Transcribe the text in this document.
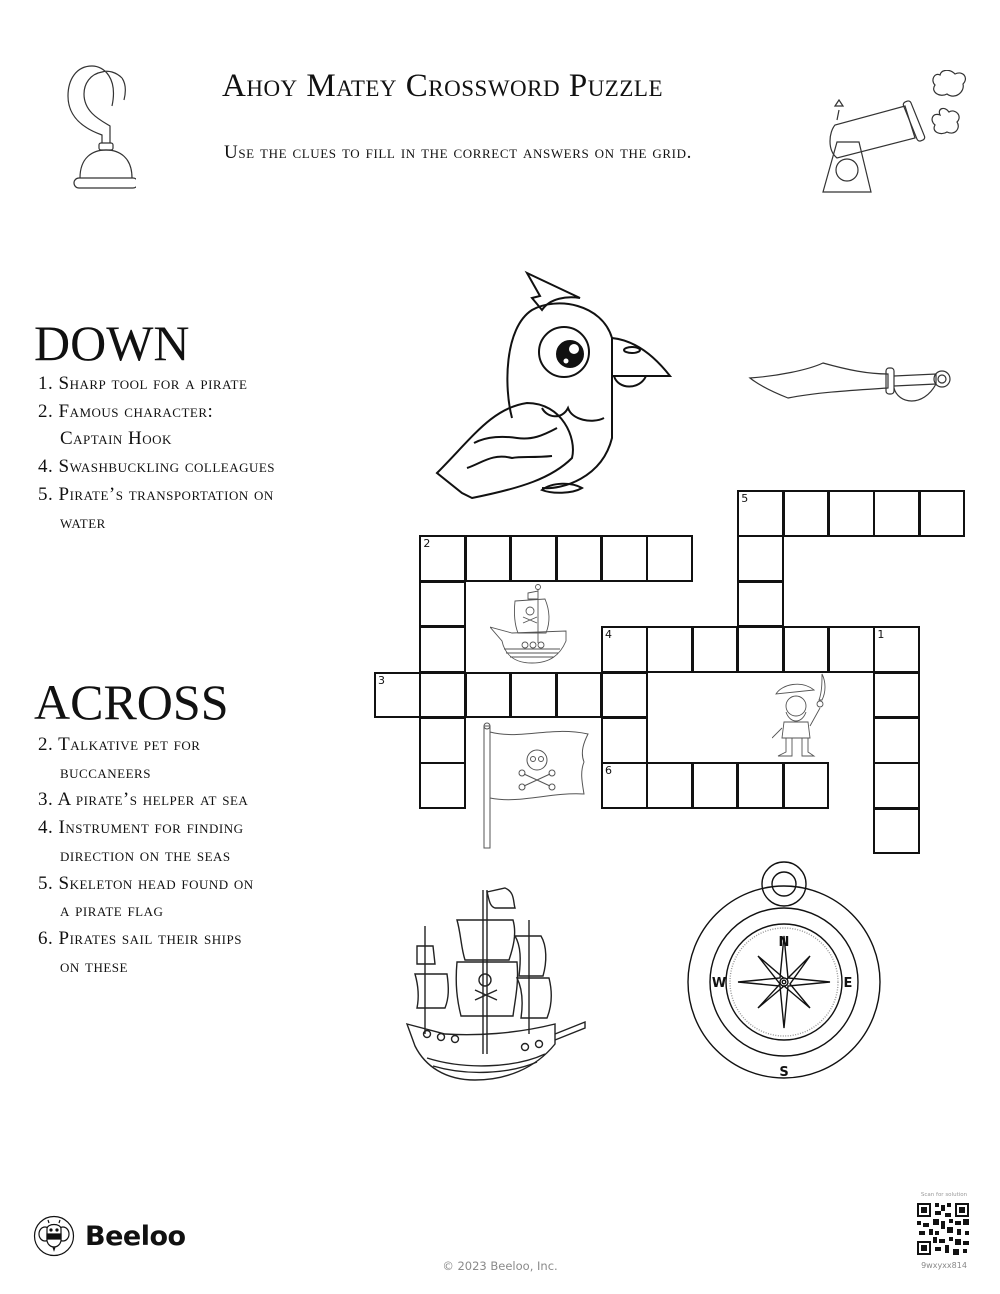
Ahoy Matey Crossword Puzzle
Use the clues to fill in the correct answers on the grid.
5
2
4	1
3
6
N
S
E
W
DOWN
1. Sharp tool for a pirate
2. Famous character: Captain Hook
4. Swashbuckling colleagues
5. Pirate’s transportation on water
ACROSS
2. Talkative pet for buccaneers
3. A pirate’s helper at sea
4. Instrument for finding direction on the seas
5. Skeleton head found on a pirate flag
6. Pirates sail their ships on these
Beeloo
© 2023 Beeloo, Inc.
Scan for solution
9wxyxx814
